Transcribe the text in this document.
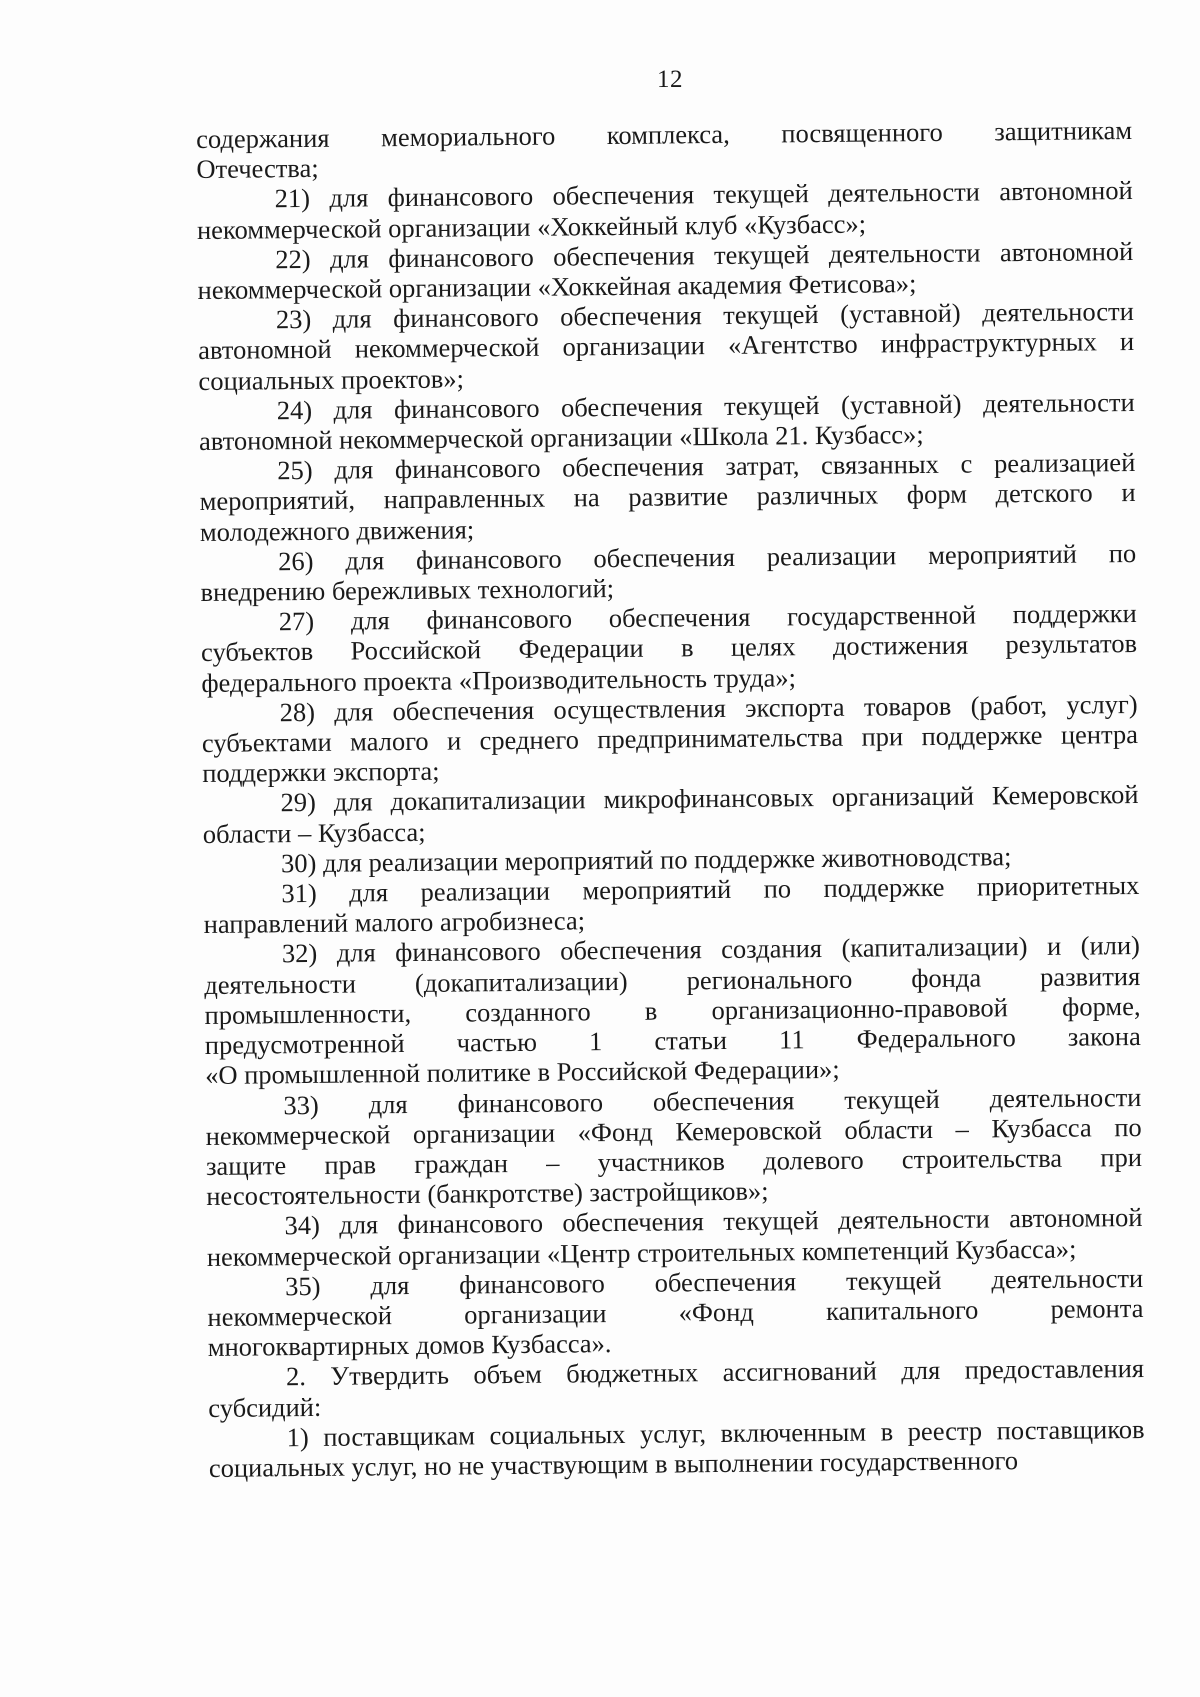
12
содержания мемориального комплекса, посвященного защитникам
Отечества;
21) для финансового обеспечения текущей деятельности автономной
некоммерческой организации «Хоккейный клуб «Кузбасс»;
22) для финансового обеспечения текущей деятельности автономной
некоммерческой организации «Хоккейная академия Фетисова»;
23) для финансового обеспечения текущей (уставной) деятельности
автономной некоммерческой организации «Агентство инфраструктурных и
социальных проектов»;
24) для финансового обеспечения текущей (уставной) деятельности
автономной некоммерческой организации «Школа 21. Кузбасс»;
25) для финансового обеспечения затрат, связанных с реализацией
мероприятий, направленных на развитие различных форм детского и
молодежного движения;
26) для финансового обеспечения реализации мероприятий по
внедрению бережливых технологий;
27) для финансового обеспечения государственной поддержки
субъектов Российской Федерации в целях достижения результатов
федерального проекта «Производительность труда»;
28) для обеспечения осуществления экспорта товаров (работ, услуг)
субъектами малого и среднего предпринимательства при поддержке центра
поддержки экспорта;
29) для докапитализации микрофинансовых организаций Кемеровской
области – Кузбасса;
30) для реализации мероприятий по поддержке животноводства;
31) для реализации мероприятий по поддержке приоритетных
направлений малого агробизнеса;
32) для финансового обеспечения создания (капитализации) и (или)
деятельности (докапитализации) регионального фонда развития
промышленности, созданного в организационно-правовой форме,
предусмотренной частью 1 статьи 11 Федерального закона
«О промышленной политике в Российской Федерации»;
33) для финансового обеспечения текущей деятельности
некоммерческой организации «Фонд Кемеровской области – Кузбасса по
защите прав граждан – участников долевого строительства при
несостоятельности (банкротстве) застройщиков»;
34) для финансового обеспечения текущей деятельности автономной
некоммерческой организации «Центр строительных компетенций Кузбасса»;
35) для финансового обеспечения текущей деятельности
некоммерческой организации «Фонд капитального ремонта
многоквартирных домов Кузбасса».
2. Утвердить объем бюджетных ассигнований для предоставления
субсидий:
1) поставщикам социальных услуг, включенным в реестр поставщиков
социальных услуг, но не участвующим в выполнении государственного
